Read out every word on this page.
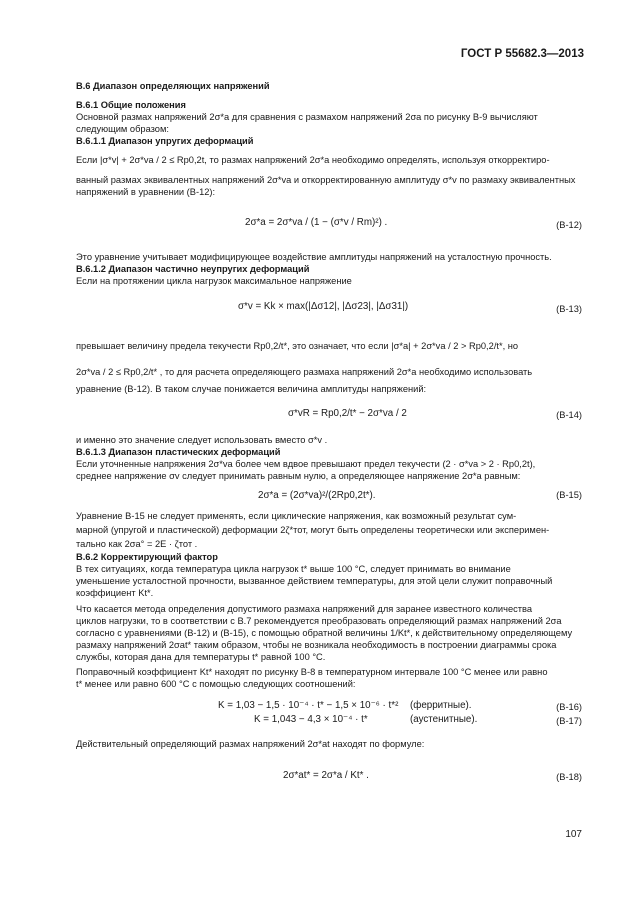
ГОСТ Р 55682.3—2013
В.6 Диапазон определяющих напряжений
В.6.1 Общие положения
Основной размах напряжений 2σ*a для сравнения с размахом напряжений 2σa по рисунку В-9 вычисляют
следующим образом:
В.6.1.1 Диапазон упругих деформаций
Если |σ*v| + 2σ*va / 2 ≤ Rp0,2t, то размах напряжений 2σ*a необходимо определять, используя откорректиро-
ванный размах эквивалентных напряжений 2σ*va и откорректированную амплитуду σ*v по размаху эквивалентных
напряжений в уравнении (В-12):
2σ*a = 2σ*va / (1 − (σ*v / Rm)²) .	(В-12)
Это уравнение учитывает модифицирующее воздействие амплитуды напряжений на усталостную прочность.
В.6.1.2 Диапазон частично неупругих деформаций
Если на протяжении цикла нагрузок максимальное напряжение
σ*v = Kk × max(|Δσ12|, |Δσ23|, |Δσ31|)	(В-13)
превышает величину предела текучести Rp0,2/t*, это означает, что если |σ*a| + 2σ*va / 2 > Rp0,2/t*, но
2σ*va / 2 ≤ Rp0,2/t* , то для расчета определяющего размаха напряжений 2σ*a необходимо использовать
уравнение (В-12). В таком случае понижается величина амплитуды напряжений:
σ*vR = Rp0,2/t* − 2σ*va / 2	(В-14)
и именно это значение следует использовать вместо σ*v .
В.6.1.3 Диапазон пластических деформаций
Если уточненные напряжения 2σ*va более чем вдвое превышают предел текучести (2 · σ*va > 2 · Rp0,2t),
среднее напряжение σv следует принимать равным нулю, а определяющее напряжение 2σ*a равным:
2σ*a = (2σ*va)²/(2Rp0,2t*).	(В-15)
Уравнение В-15 не следует применять, если циклические напряжения, как возможный результат сум-
марной (упругой и пластической) деформации 2ζ*тот, могут быть определены теоретически или эксперимен-
тально как 2σa° = 2E · ζтот .
В.6.2 Корректирующий фактор
В тех ситуациях, когда температура цикла нагрузок t* выше 100 °C, следует принимать во внимание
уменьшение усталостной прочности, вызванное действием температуры, для этой цели служит поправочный
коэффициент Kt*.
Что касается метода определения допустимого размаха напряжений для заранее известного количества
циклов нагрузки, то в соответствии с В.7 рекомендуется преобразовать определяющий размах напряжений 2σa
согласно с уравнениями (В-12) и (В-15), с помощью обратной величины 1/Kt*, к действительному определяющему
размаху напряжений 2σat* таким образом, чтобы не возникала необходимость в построении диаграммы срока
службы, которая дана для температуры t* равной 100 °C.
Поправочный коэффициент Kt* находят по рисунку В-8 в температурном интервале 100 °C менее или равно
t* менее или равно 600 °C с помощью следующих соотношений:
K = 1,03 − 1,5 · 10⁻⁴ · t* − 1,5 × 10⁻⁶ · t*² (ферритные).	(В-16)
K = 1,043 − 4,3 × 10⁻⁴ · t*	(аустенитные).	(В-17)
Действительный определяющий размах напряжений 2σ*at находят по формуле:
2σ*at* = 2σ*a / Kt* .	(В-18)
107
